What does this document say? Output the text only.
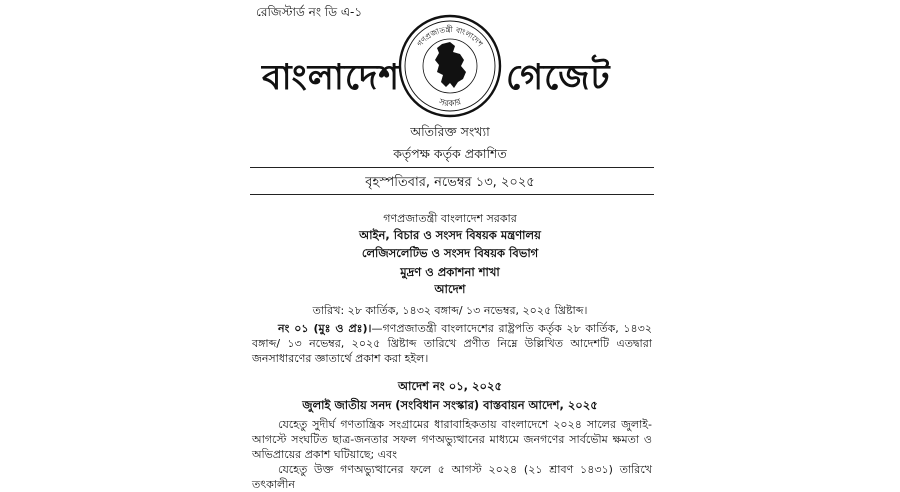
রেজিস্টার্ড নং ডি এ-১
বাংলাদেশ
গণপ্রজাতন্ত্রী বাংলাদেশ
সরকার
গেজেট
অতিরিক্ত সংখ্যা
কর্তৃপক্ষ কর্তৃক প্রকাশিত
বৃহস্পতিবার, নভেম্বর ১৩, ২০২৫
গণপ্রজাতন্ত্রী বাংলাদেশ সরকার
আইন, বিচার ও সংসদ বিষয়ক মন্ত্রণালয়
লেজিসলেটিভ ও সংসদ বিষয়ক বিভাগ
মুদ্রণ ও প্রকাশনা শাখা
আদেশ
তারিখ: ২৮ কার্তিক, ১৪৩২ বঙ্গাব্দ/ ১৩ নভেম্বর, ২০২৫ খ্রিষ্টাব্দ।
নং ০১ (মুঃ ও প্রঃ)।—গণপ্রজাতন্ত্রী বাংলাদেশের রাষ্ট্রপতি কর্তৃক ২৮ কার্তিক, ১৪৩২ বঙ্গাব্দ/ ১৩ নভেম্বর, ২০২৫ খ্রিষ্টাব্দ তারিখে প্রণীত নিম্নে উল্লিখিত আদেশটি এতদ্বারা জনসাধারণের জ্ঞাতার্থে প্রকাশ করা হইল।
আদেশ নং ০১, ২০২৫
জুলাই জাতীয় সনদ (সংবিধান সংস্কার) বাস্তবায়ন আদেশ, ২০২৫
যেহেতু সুদীর্ঘ গণতান্ত্রিক সংগ্রামের ধারাবাহিকতায় বাংলাদেশে ২০২৪ সালের জুলাই-আগস্টে সংঘটিত ছাত্র-জনতার সফল গণঅভ্যুত্থানের মাধ্যমে জনগণের সার্বভৌম ক্ষমতা ও অভিপ্রায়ের প্রকাশ ঘটিয়াছে; এবং
যেহেতু উক্ত গণঅভ্যুত্থানের ফলে ৫ আগস্ট ২০২৪ (২১ শ্রাবণ ১৪৩১) তারিখে তৎকালীন
